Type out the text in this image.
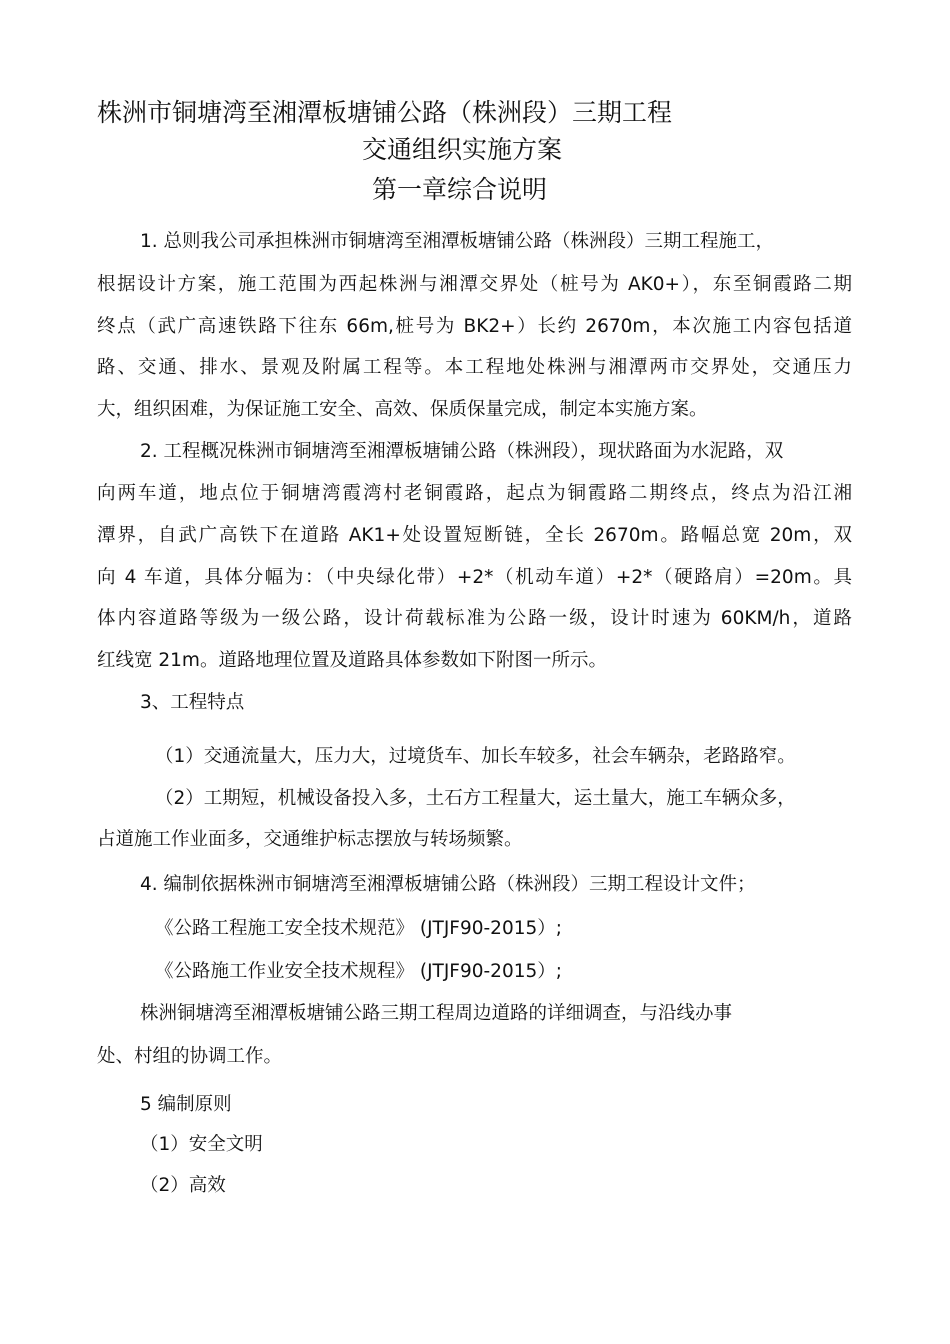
株洲市铜塘湾至湘潭板塘铺公路（株洲段）三期工程
交通组织实施方案
第一章综合说明
1. 总则我公司承担株洲市铜塘湾至湘潭板塘铺公路（株洲段）三期工程施工，
根据设计方案，施工范围为西起株洲与湘潭交界处（桩号为 AK0+），东至铜霞路二期
终点（武广高速铁路下往东 66m,桩号为 BK2+）长约 2670m，本次施工内容包括道
路、交通、排水、景观及附属工程等。本工程地处株洲与湘潭两市交界处，交通压力
大，组织困难，为保证施工安全、高效、保质保量完成，制定本实施方案。
2. 工程概况株洲市铜塘湾至湘潭板塘铺公路（株洲段），现状路面为水泥路，双
向两车道，地点位于铜塘湾霞湾村老铜霞路，起点为铜霞路二期终点，终点为沿江湘
潭界，自武广高铁下在道路 AK1+处设置短断链，全长 2670m。路幅总宽 20m，双
向 4 车道，具体分幅为：（中央绿化带）+2*（机动车道）+2*（硬路肩）=20m。具
体内容道路等级为一级公路，设计荷载标准为公路一级，设计时速为 60KM/h，道路
红线宽 21m。道路地理位置及道路具体参数如下附图一所示。
3、工程特点
（1）交通流量大，压力大，过境货车、加长车较多，社会车辆杂，老路路窄。
（2）工期短，机械设备投入多，土石方工程量大，运土量大，施工车辆众多，
占道施工作业面多，交通维护标志摆放与转场频繁。
4. 编制依据株洲市铜塘湾至湘潭板塘铺公路（株洲段）三期工程设计文件；
《公路工程施工安全技术规范》 (JTJF90-2015）;
《公路施工作业安全技术规程》 (JTJF90-2015）;
株洲铜塘湾至湘潭板塘铺公路三期工程周边道路的详细调查，与沿线办事
处、村组的协调工作。
5 编制原则
（1）安全文明
（2）高效
